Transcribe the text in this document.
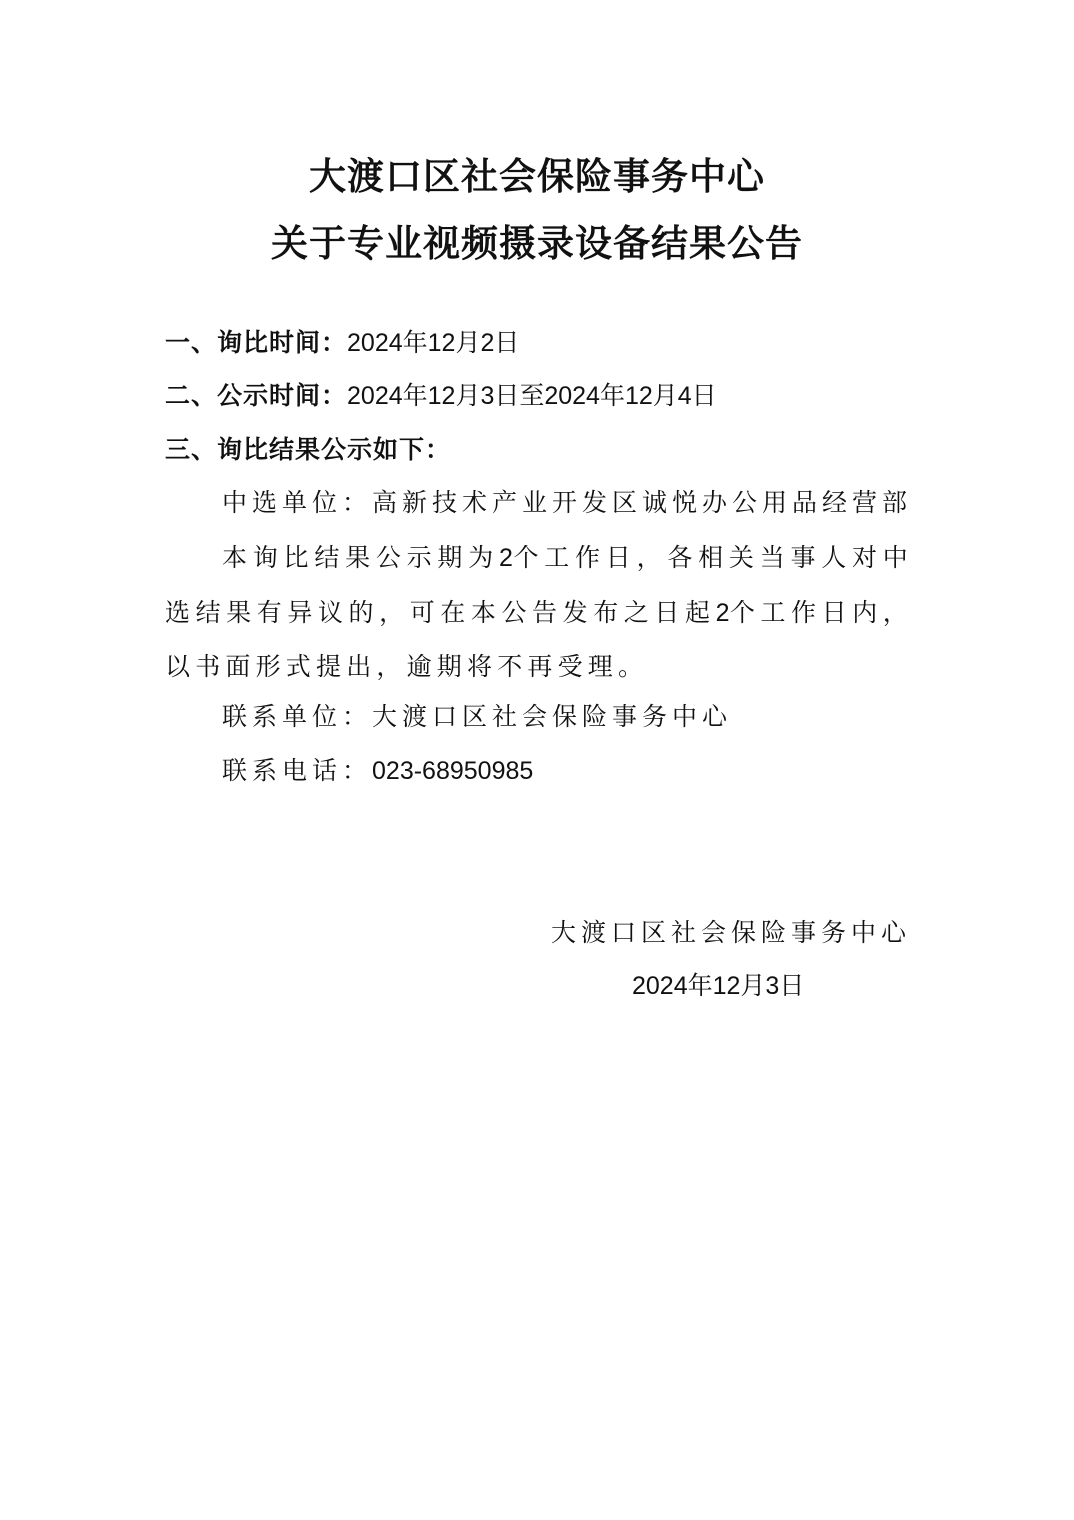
大渡口区社会保险事务中心
关于专业视频摄录设备结果公告
一、询比时间：2024年12月2日
二、公示时间：2024年12月3日至2024年12月4日
三、询比结果公示如下：
中选单位：高新技术产业开发区诚悦办公用品经营部
本询比结果公示期为2个工作日，各相关当事人对中选结果有异议的，可在本公告发布之日起2个工作日内，以书面形式提出，逾期将不再受理。
联系单位：大渡口区社会保险事务中心
联系电话：023-68950985
大渡口区社会保险事务中心
2024年12月3日
